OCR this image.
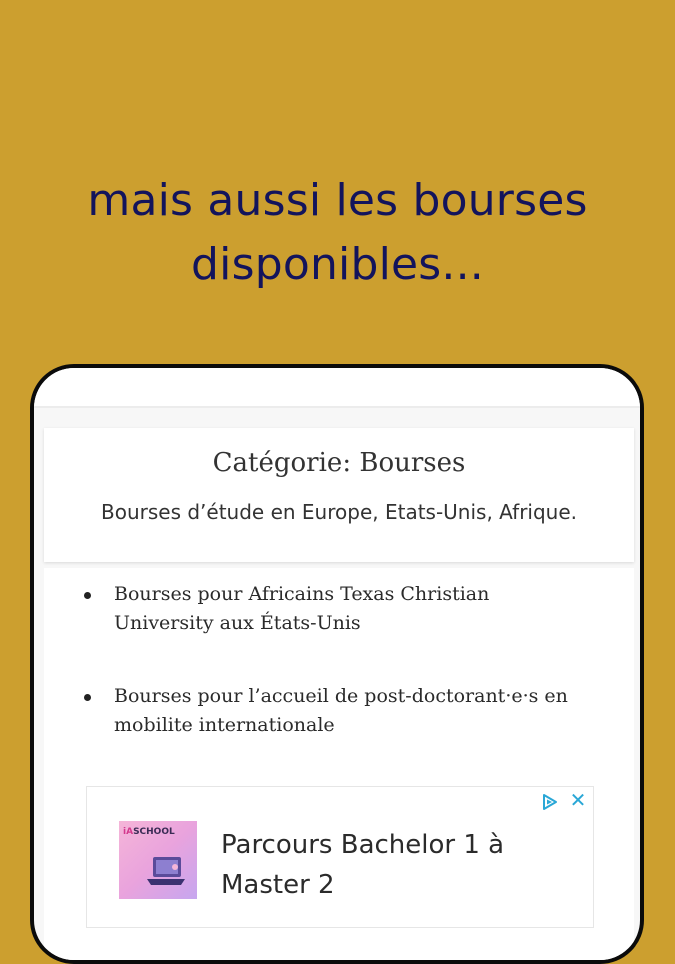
mais aussi les bourses
disponibles...
Catégorie: Bourses
Bourses d’étude en Europe, Etats-Unis, Afrique.
Bourses pour Africains Texas Christian
University aux États-Unis
Bourses pour l’accueil de post-doctorant·e·s en
mobilite internationale
✕
iASCHOOL Parcours Bachelor 1 à
Master 2
